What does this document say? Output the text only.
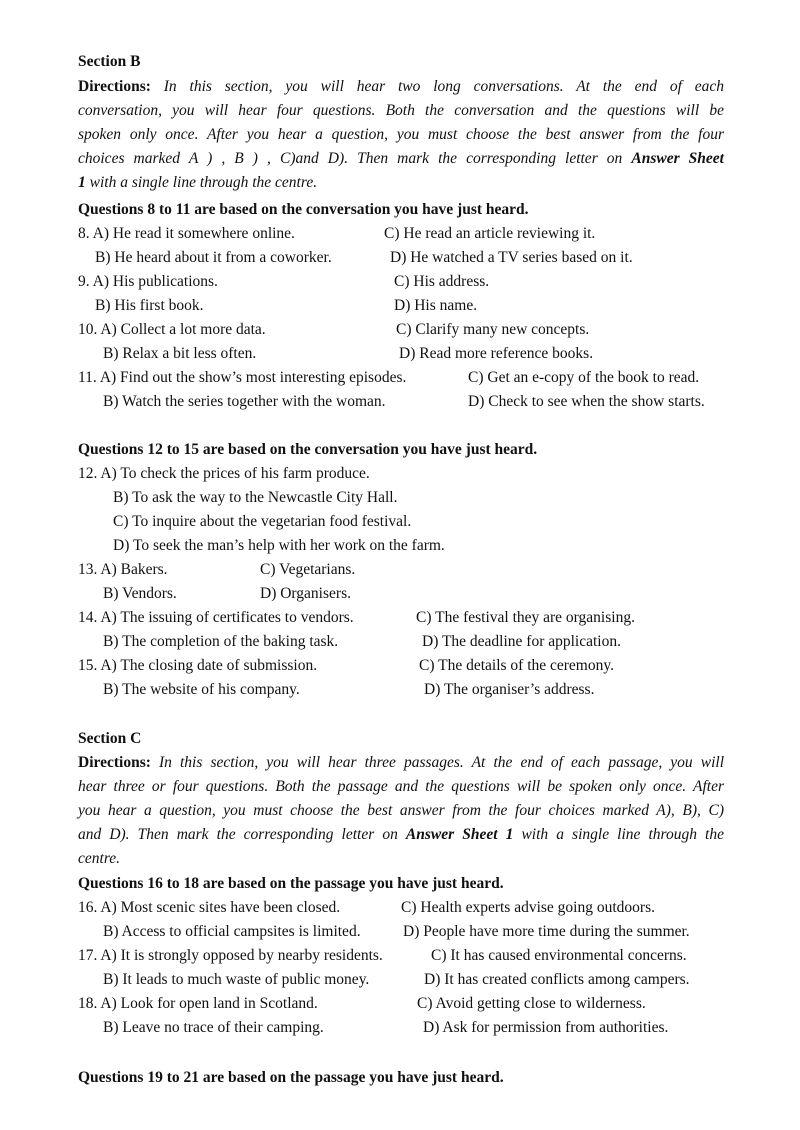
Section B
Directions: In this section, you will hear two long conversations. At the end of each
conversation, you will hear four questions. Both the conversation and the questions will be
spoken only once. After you hear a question, you must choose the best answer from the four
choices marked A ) , B ) , C)and D). Then mark the corresponding letter on Answer Sheet
1 with a single line through the centre.
Questions 8 to 11 are based on the conversation you have just heard.
8. A) He read it somewhere online.	C) He read an article reviewing it.
B) He heard about it from a coworker.	D) He watched a TV series based on it.
9. A) His publications.	C) His address.
B) His first book.	D) His name.
10. A) Collect a lot more data.	C) Clarify many new concepts.
B) Relax a bit less often.	D) Read more reference books.
11. A) Find out the show’s most interesting episodes.	C) Get an e-copy of the book to read.
B) Watch the series together with the woman.	D) Check to see when the show starts.
Questions 12 to 15 are based on the conversation you have just heard.
12. A) To check the prices of his farm produce.
B) To ask the way to the Newcastle City Hall.
C) To inquire about the vegetarian food festival.
D) To seek the man’s help with her work on the farm.
13. A) Bakers.	C) Vegetarians.
B) Vendors.	D) Organisers.
14. A) The issuing of certificates to vendors.	C) The festival they are organising.
B) The completion of the baking task.	D) The deadline for application.
15. A) The closing date of submission.	C) The details of the ceremony.
B) The website of his company.	D) The organiser’s address.
Section C
Directions: In this section, you will hear three passages. At the end of each passage, you will
hear three or four questions. Both the passage and the questions will be spoken only once. After
you hear a question, you must choose the best answer from the four choices marked A), B), C)
and D). Then mark the corresponding letter on Answer Sheet 1 with a single line through the
centre.
Questions 16 to 18 are based on the passage you have just heard.
16. A) Most scenic sites have been closed.	C) Health experts advise going outdoors.
B) Access to official campsites is limited.	D) People have more time during the summer.
17. A) It is strongly opposed by nearby residents.	C) It has caused environmental concerns.
B) It leads to much waste of public money.	D) It has created conflicts among campers.
18. A) Look for open land in Scotland.	C) Avoid getting close to wilderness.
B) Leave no trace of their camping.	D) Ask for permission from authorities.
Questions 19 to 21 are based on the passage you have just heard.
